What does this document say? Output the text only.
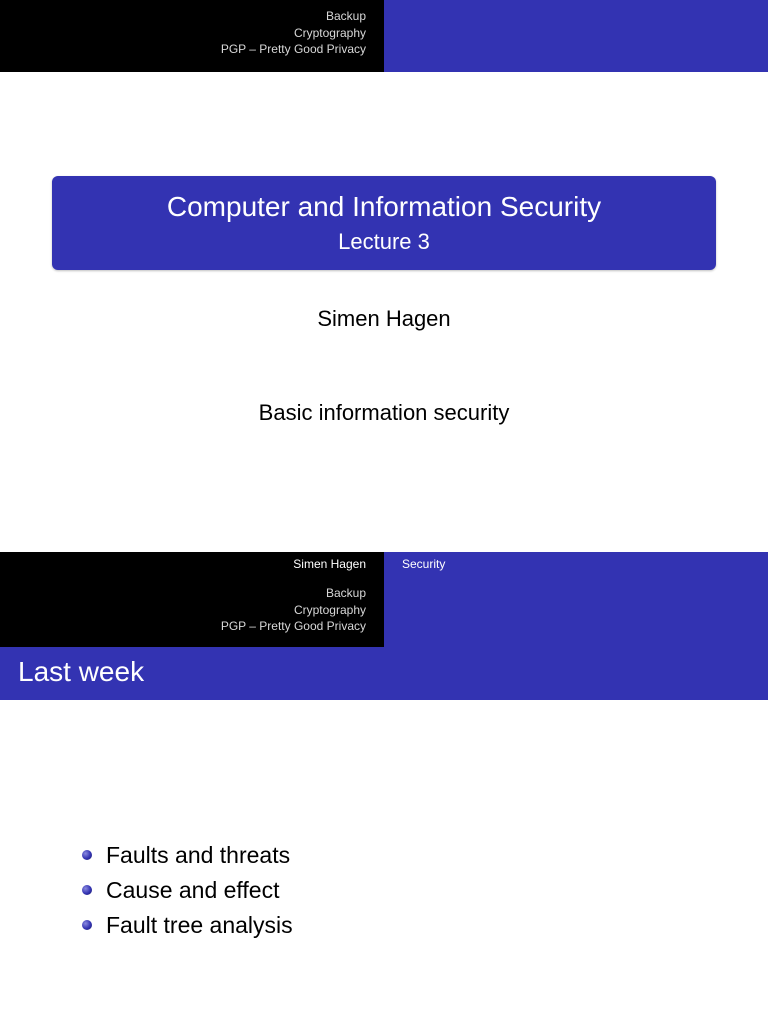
Backup
Cryptography
PGP – Pretty Good Privacy
Computer and Information Security
Lecture 3
Simen Hagen
Basic information security
Simen Hagen	Security
Backup
Cryptography
PGP – Pretty Good Privacy
Last week
Faults and threats
Cause and effect
Fault tree analysis
